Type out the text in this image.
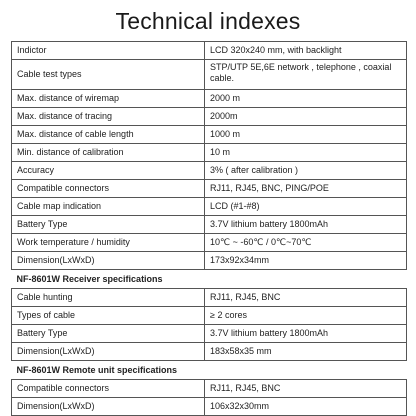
Technical indexes
Indictor	LCD 320x240 mm, with backlight
Cable test types	STP/UTP 5E,6E network , telephone , coaxial cable.
Max. distance of wiremap	2000 m
Max. distance of tracing	2000m
Max. distance of cable length	1000 m
Min. distance of calibration	10 m
Accuracy	3% ( after calibration )
Compatible connectors	RJ11, RJ45, BNC, PING/POE
Cable map indication	LCD (#1-#8)
Battery Type	3.7V lithium battery 1800mAh
Work temperature / humidity	10℃ ~ -60℃ / 0℃~70℃
Dimension(LxWxD)	173x92x34mm
NF-8601W Receiver specifications	
Cable hunting	RJ11, RJ45, BNC
Types of cable	≥ 2 cores
Battery Type	3.7V lithium battery 1800mAh
Dimension(LxWxD)	183x58x35 mm
NF-8601W Remote unit specifications	
Compatible connectors	RJ11, RJ45, BNC
Dimension(LxWxD)	106x32x30mm
